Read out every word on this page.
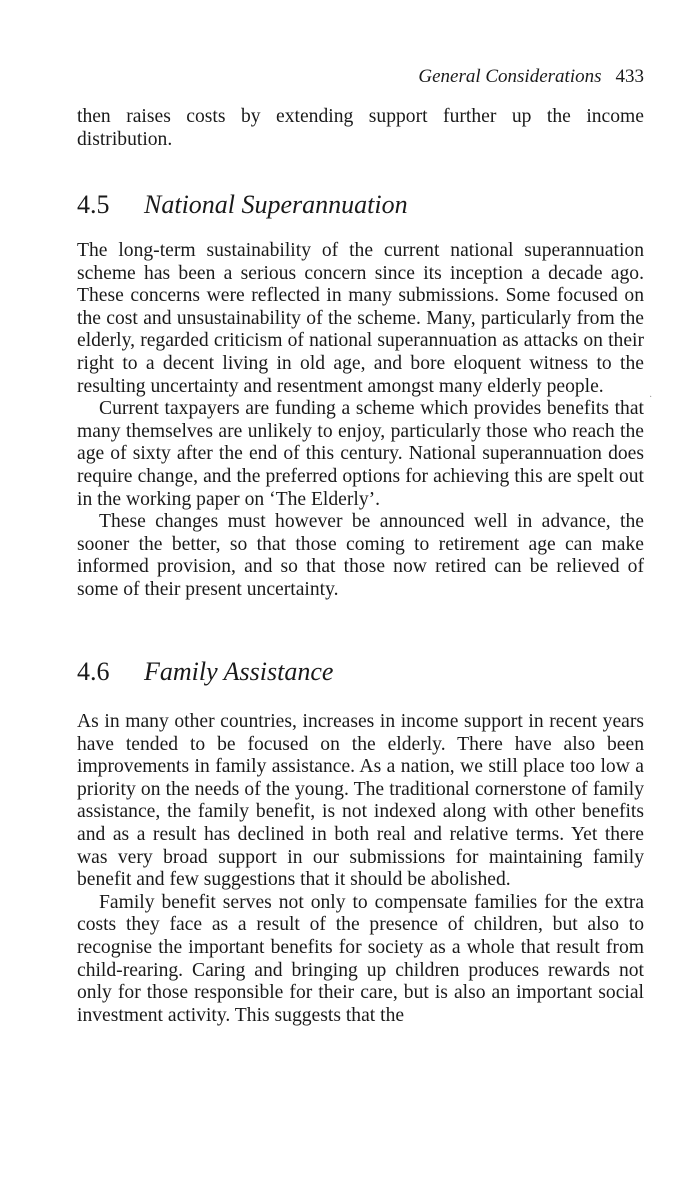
General Considerations 433

then raises costs by extending support further up the income distribution.

4.5 National Superannuation

The long-term sustainability of the current national superannuation scheme has been a serious concern since its inception a decade ago. These concerns were reflected in many submissions. Some focused on the cost and unsustainability of the scheme. Many, particularly from the elderly, regarded criticism of national superannuation as attacks on their right to a decent living in old age, and bore eloquent witness to the resulting uncertainty and resentment amongst many elderly people.

Current taxpayers are funding a scheme which provides benefits that many themselves are unlikely to enjoy, particularly those who reach the age of sixty after the end of this century. National superannuation does require change, and the preferred options for achieving this are spelt out in the working paper on ‘The Elderly’.

These changes must however be announced well in advance, the sooner the better, so that those coming to retirement age can make informed provision, and so that those now retired can be relieved of some of their present uncertainty.

4.6 Family Assistance

As in many other countries, increases in income support in recent years have tended to be focused on the elderly. There have also been improvements in family assistance. As a nation, we still place too low a priority on the needs of the young. The traditional cornerstone of family assistance, the family benefit, is not indexed along with other benefits and as a result has declined in both real and relative terms. Yet there was very broad support in our submissions for maintaining family benefit and few suggestions that it should be abolished.

Family benefit serves not only to compensate families for the extra costs they face as a result of the presence of children, but also to recognise the important benefits for society as a whole that result from child-rearing. Caring and bringing up children produces rewards not only for those responsible for their care, but is also an important social investment activity. This suggests that the

·
